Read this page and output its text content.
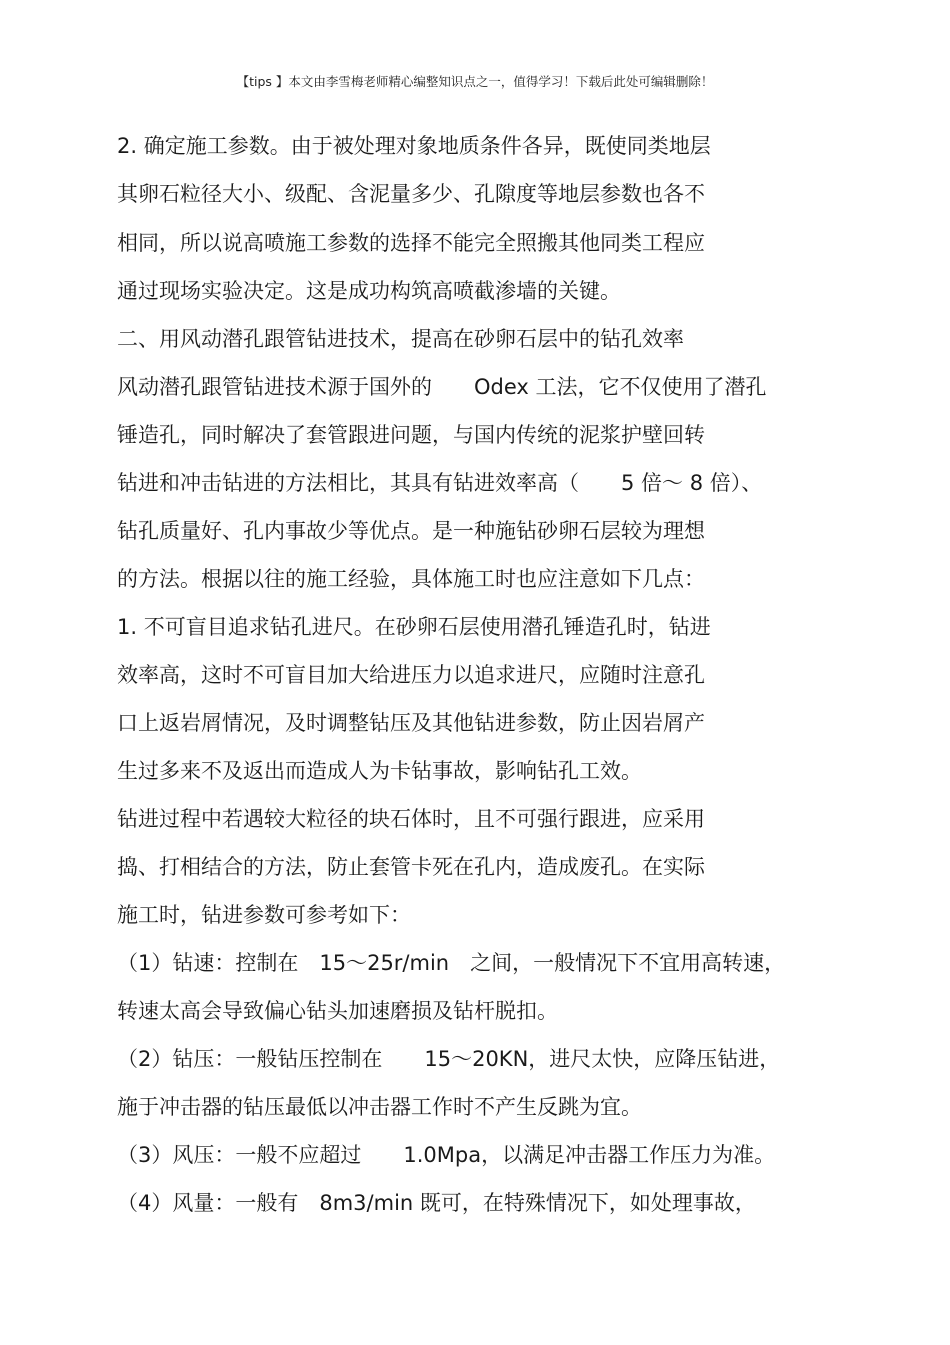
【tips 】本文由李雪梅老师精心编整知识点之一，值得学习！下载后此处可编辑删除！
2. 确定施工参数。由于被处理对象地质条件各异，既使同类地层
其卵石粒径大小、级配、含泥量多少、孔隙度等地层参数也各不
相同，所以说高喷施工参数的选择不能完全照搬其他同类工程应
通过现场实验决定。这是成功构筑高喷截渗墙的关键。
二、用风动潜孔跟管钻进技术，提高在砂卵石层中的钻孔效率
风动潜孔跟管钻进技术源于国外的　　Odex 工法，它不仅使用了潜孔
锤造孔，同时解决了套管跟进问题，与国内传统的泥浆护壁回转
钻进和冲击钻进的方法相比，其具有钻进效率高（　　5 倍～ 8 倍）、
钻孔质量好、孔内事故少等优点。是一种施钻砂卵石层较为理想
的方法。根据以往的施工经验，具体施工时也应注意如下几点：
1. 不可盲目追求钻孔进尺。在砂卵石层使用潜孔锤造孔时，钻进
效率高，这时不可盲目加大给进压力以追求进尺，应随时注意孔
口上返岩屑情况，及时调整钻压及其他钻进参数，防止因岩屑产
生过多来不及返出而造成人为卡钻事故，影响钻孔工效。
钻进过程中若遇较大粒径的块石体时，且不可强行跟进，应采用
捣、打相结合的方法，防止套管卡死在孔内，造成废孔。在实际
施工时，钻进参数可参考如下：
（1）钻速：控制在　15～25r/min　之间，一般情况下不宜用高转速，
转速太高会导致偏心钻头加速磨损及钻杆脱扣。
（2）钻压：一般钻压控制在　　15～20KN，进尺太快，应降压钻进，
施于冲击器的钻压最低以冲击器工作时不产生反跳为宜。
（3）风压：一般不应超过　　1.0Mpa，以满足冲击器工作压力为准。
（4）风量：一般有　8m3/min 既可，在特殊情况下，如处理事故，
